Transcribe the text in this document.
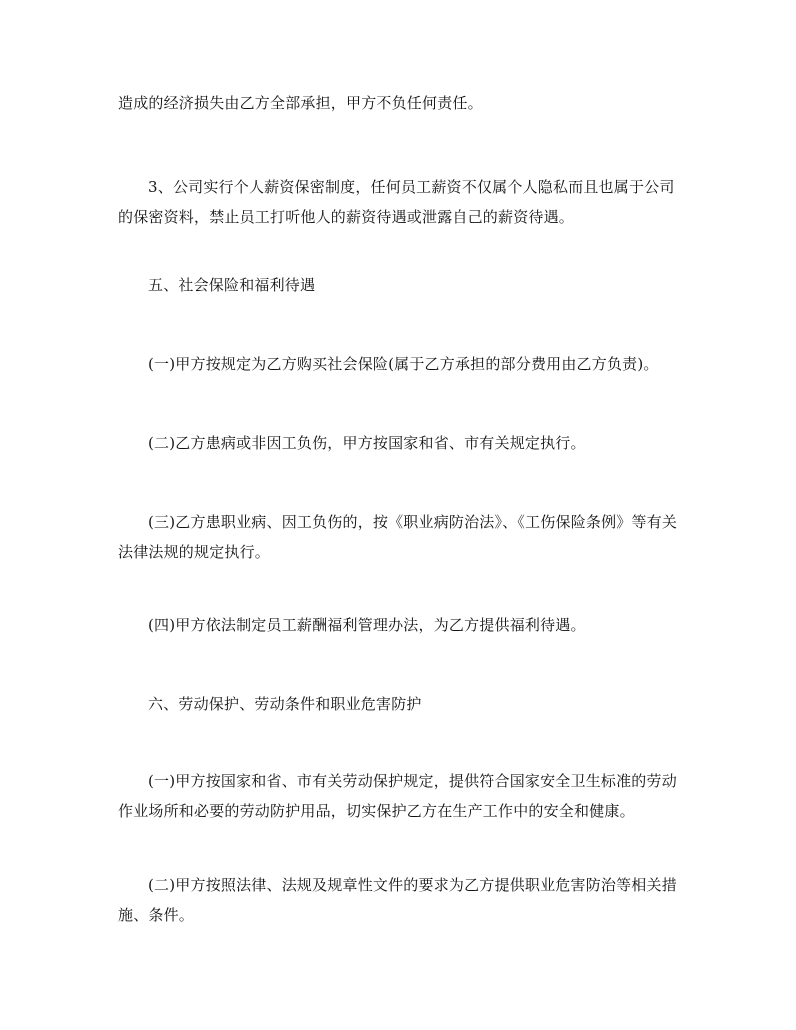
造成的经济损失由乙方全部承担，甲方不负任何责任。

3、公司实行个人薪资保密制度，任何员工薪资不仅属个人隐私而且也属于公司的保密资料，禁止员工打听他人的薪资待遇或泄露自己的薪资待遇。

五、社会保险和福利待遇

(一)甲方按规定为乙方购买社会保险(属于乙方承担的部分费用由乙方负责)。

(二)乙方患病或非因工负伤，甲方按国家和省、市有关规定执行。

(三)乙方患职业病、因工负伤的，按《职业病防治法》、《工伤保险条例》等有关法律法规的规定执行。

(四)甲方依法制定员工薪酬福利管理办法，为乙方提供福利待遇。

六、劳动保护、劳动条件和职业危害防护

(一)甲方按国家和省、市有关劳动保护规定，提供符合国家安全卫生标准的劳动作业场所和必要的劳动防护用品，切实保护乙方在生产工作中的安全和健康。

(二)甲方按照法律、法规及规章性文件的要求为乙方提供职业危害防治等相关措施、条件。
